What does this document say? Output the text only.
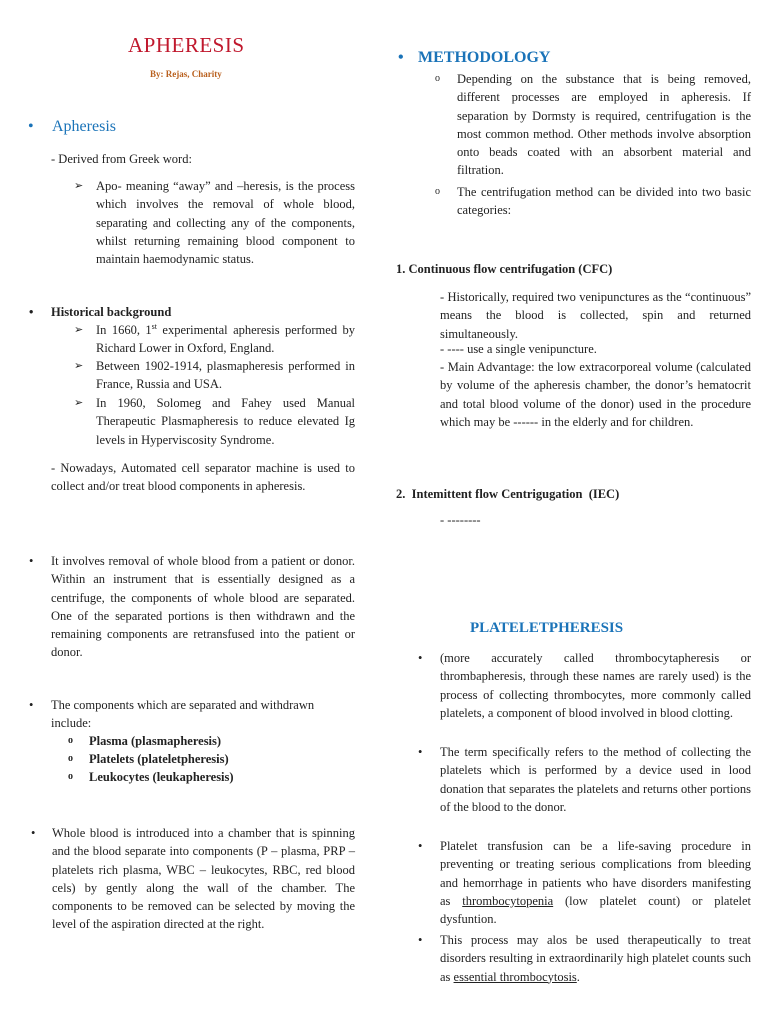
APHERESIS
By: Rejas, Charity
• Apheresis
- Derived from Greek word:
➢ Apo- meaning “away” and –heresis, is the process which involves the removal of whole blood, separating and collecting any of the components, whilst returning remaining blood component to maintain haemodynamic status.
• Historical background
➢ In 1660, 1st experimental apheresis performed by Richard Lower in Oxford, England.
➢ Between 1902-1914, plasmapheresis performed in France, Russia and USA.
➢ In 1960, Solomeg and Fahey used Manual Therapeutic Plasmapheresis to reduce elevated Ig levels in Hyperviscosity Syndrome.
- Nowadays, Automated cell separator machine is used to collect and/or treat blood components in apheresis.
• It involves removal of whole blood from a patient or donor. Within an instrument that is essentially designed as a centrifuge, the components of whole blood are separated. One of the separated portions is then withdrawn and the remaining components are retransfused into the patient or donor.
• The components which are separated and withdrawn include:
o Plasma (plasmapheresis)
o Platelets (plateletpheresis)
o Leukocytes (leukapheresis)
• Whole blood is introduced into a chamber that is spinning and the blood separate into components (P – plasma, PRP – platelets rich plasma, WBC – leukocytes, RBC, red blood cels) by gently along the wall of the chamber. The components to be removed can be selected by moving the level of the aspiration directed at the right.
• METHODOLOGY
o Depending on the substance that is being removed, different processes are employed in apheresis. If separation by Dormsty is required, centrifugation is the most common method. Other methods involve absorption onto beads coated with an absorbent material and filtration.
o The centrifugation method can be divided into two basic categories:
1. Continuous flow centrifugation (CFC)
- Historically, required two venipunctures as the “continuous” means the blood is collected, spin and returned simultaneously.
- ---- use a single venipuncture.
- Main Advantage: the low extracorporeal volume (calculated by volume of the apheresis chamber, the donor’s hematocrit and total blood volume of the donor) used in the procedure which may be ------ in the elderly and for children.
2.  Intemittent flow Centrigugation  (IEC)
- --------
PLATELETPHERESIS
• (more accurately called thrombocytapheresis or thrombapheresis, through these names are rarely used) is the process of collecting thrombocytes, more commonly called platelets, a component of blood involved in blood clotting.
• The term specifically refers to the method of collecting the platelets which is performed by a device used in lood donation that separates the platelets and returns other portions of the blood to the donor.
• Platelet transfusion can be a life-saving procedure in preventing or treating serious complications from bleeding and hemorrhage in patients who have disorders manifesting as thrombocytopenia (low platelet count) or platelet dysfuntion.
• This process may alos be used therapeutically to treat disorders resulting in extraordinarily high platelet counts such as essential thrombocytosis.
